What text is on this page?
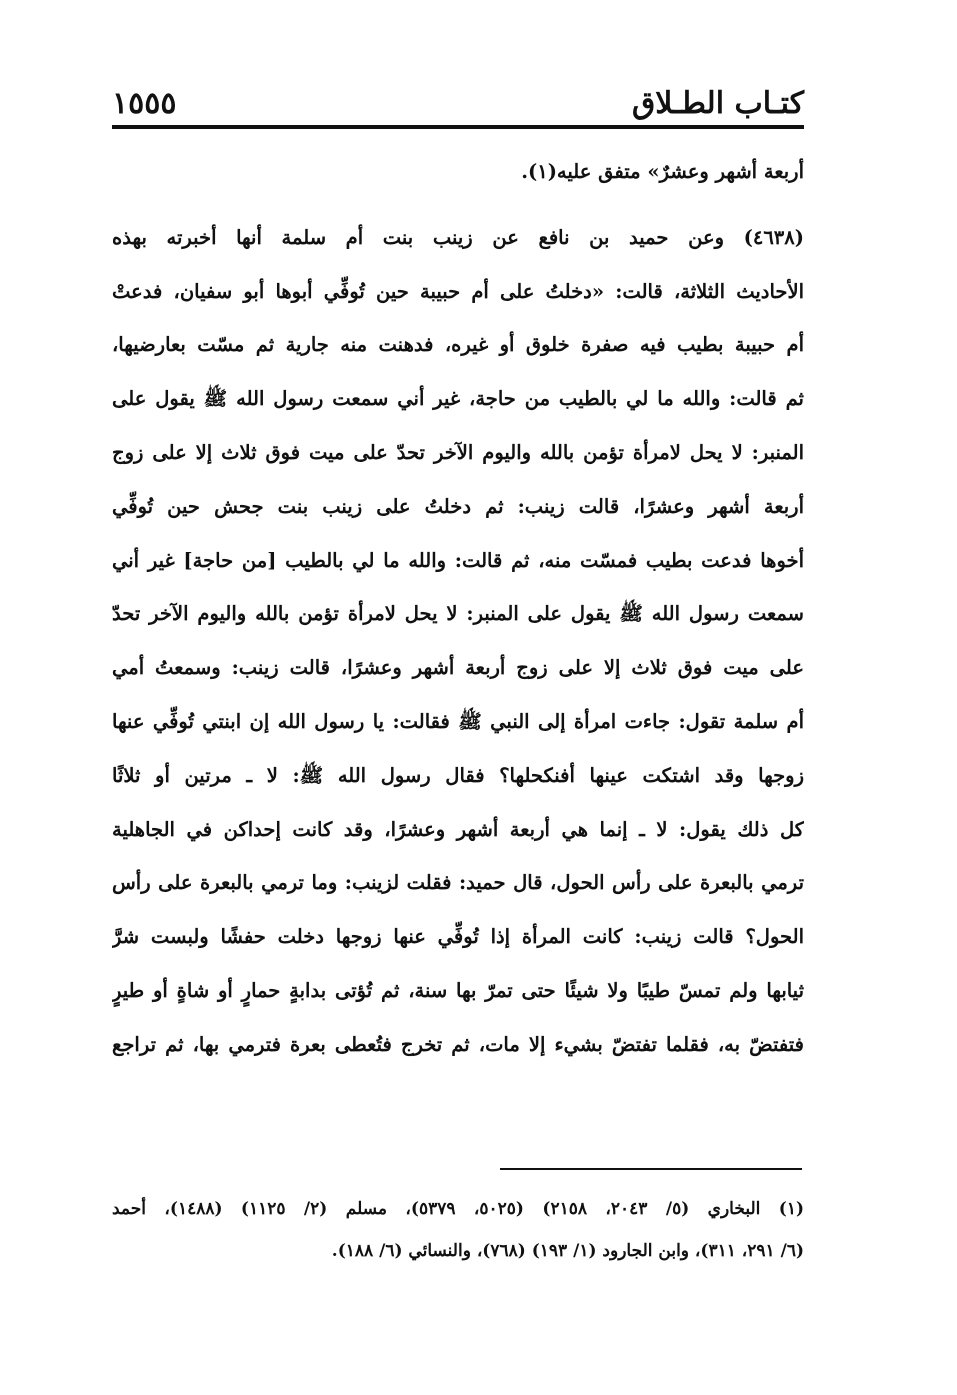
كتـاب الطـلاق
١٥٥٥
أربعة أشهر وعشرٌ» متفق عليه(١).
(٤٦٣٨) وعن حميد بن نافع عن زينب بنت أم سلمة أنها أخبرته بهذه
الأحاديث الثلاثة، قالت: «دخلتُ على أم حبيبة حين تُوفِّي أبوها أبو سفيان، فدعتْ
أم حبيبة بطيب فيه صفرة خلوق أو غيره، فدهنت منه جارية ثم مسّت بعارضيها،
ثم قالت: والله ما لي بالطيب من حاجة، غير أني سمعت رسول الله ﷺ يقول على
المنبر: لا يحل لامرأة تؤمن بالله واليوم الآخر تحدّ على ميت فوق ثلاث إلا على زوج
أربعة أشهر وعشرًا، قالت زينب: ثم دخلتُ على زينب بنت جحش حين تُوفِّي
أخوها فدعت بطيب فمسّت منه، ثم قالت: والله ما لي بالطيب [من حاجة] غير أني
سمعت رسول الله ﷺ يقول على المنبر: لا يحل لامرأة تؤمن بالله واليوم الآخر تحدّ
على ميت فوق ثلاث إلا على زوج أربعة أشهر وعشرًا، قالت زينب: وسمعتُ أمي
أم سلمة تقول: جاءت امرأة إلى النبي ﷺ فقالت: يا رسول الله إن ابنتي تُوفِّي عنها
زوجها وقد اشتكت عينها أفنكحلها؟ فقال رسول الله ﷺ: لا ـ مرتين أو ثلاثًا
كل ذلك يقول: لا ـ إنما هي أربعة أشهر وعشرًا، وقد كانت إحداكن في الجاهلية
ترمي بالبعرة على رأس الحول، قال حميد: فقلت لزينب: وما ترمي بالبعرة على رأس
الحول؟ قالت زينب: كانت المرأة إذا تُوفِّي عنها زوجها دخلت حفشًا ولبست شرَّ
ثيابها ولم تمسّ طيبًا ولا شيئًا حتى تمرّ بها سنة، ثم تُؤتى بدابةٍ حمارٍ أو شاةٍ أو طيرٍ
فتفتضّ به، فقلما تفتضّ بشيء إلا مات، ثم تخرج فتُعطى بعرة فترمي بها، ثم تراجع
(١) البخاري (٥/ ٢٠٤٣، ٢١٥٨) (٥٠٢٥، ٥٣٧٩)، مسلم (٢/ ١١٢٥) (١٤٨٨)، أحمد
(٦/ ٢٩١، ٣١١)، وابن الجارود (١/ ١٩٣) (٧٦٨)، والنسائي (٦/ ١٨٨).
